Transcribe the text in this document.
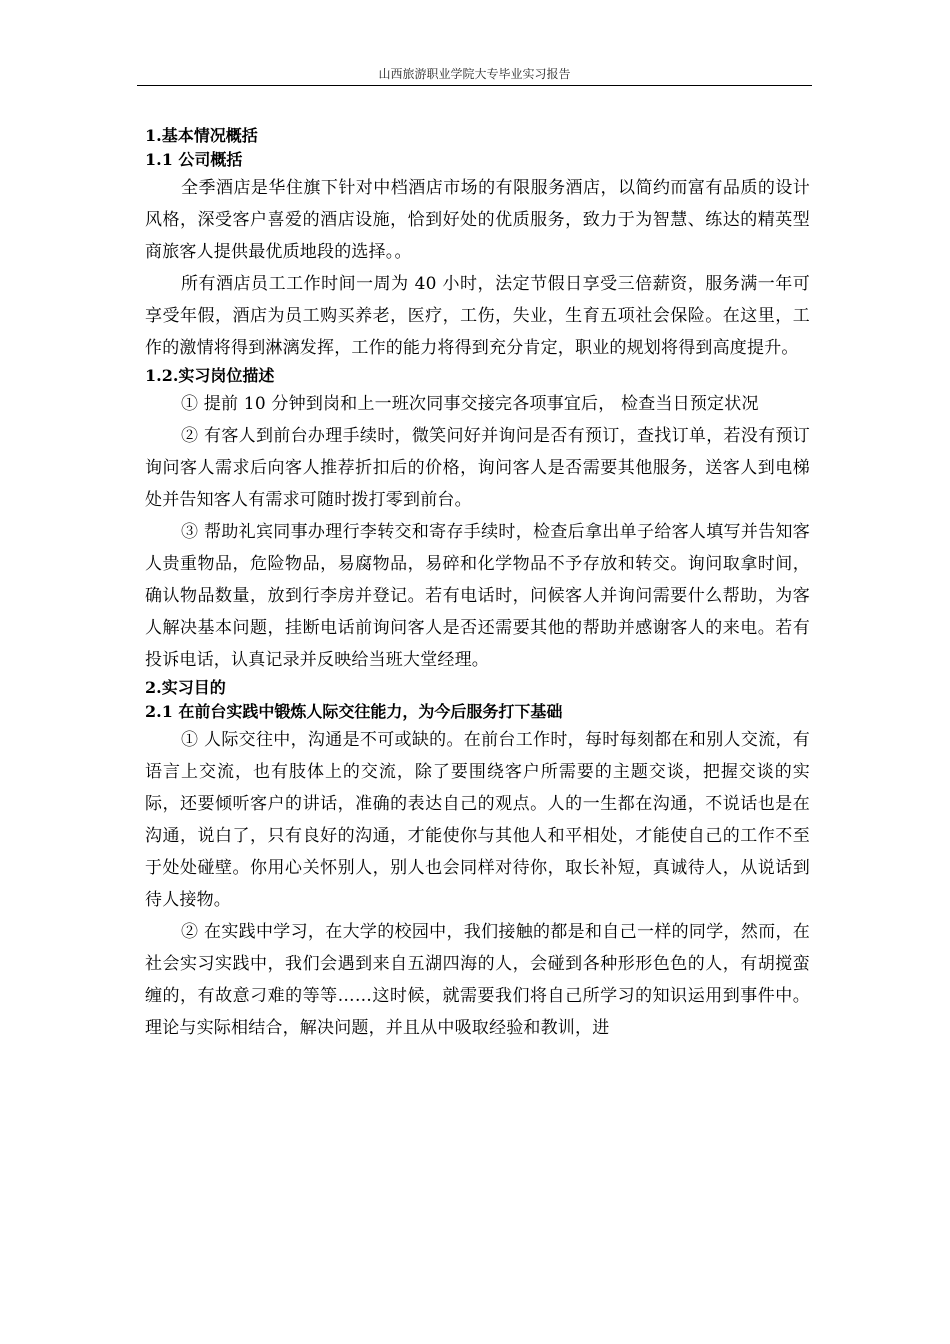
山西旅游职业学院大专毕业实习报告
1.基本情况概括
1.1 公司概括

全季酒店是华住旗下针对中档酒店市场的有限服务酒店，以简约而富有品质的设计风格，深受客户喜爱的酒店设施，恰到好处的优质服务，致力于为智慧、练达的精英型商旅客人提供最优质地段的选择。。

所有酒店员工工作时间一周为 40 小时，法定节假日享受三倍薪资，服务满一年可享受年假，酒店为员工购买养老，医疗，工伤，失业，生育五项社会保险。在这里，工作的激情将得到淋漓发挥，工作的能力将得到充分肯定，职业的规划将得到高度提升。

1.2.实习岗位描述

① 提前 10 分钟到岗和上一班次同事交接完各项事宜后， 检查当日预定状况

② 有客人到前台办理手续时，微笑问好并询问是否有预订，查找订单，若没有预订询问客人需求后向客人推荐折扣后的价格，询问客人是否需要其他服务，送客人到电梯处并告知客人有需求可随时拨打零到前台。

③ 帮助礼宾同事办理行李转交和寄存手续时，检查后拿出单子给客人填写并告知客人贵重物品，危险物品，易腐物品，易碎和化学物品不予存放和转交。询问取拿时间，确认物品数量，放到行李房并登记。若有电话时，问候客人并询问需要什么帮助，为客人解决基本问题，挂断电话前询问客人是否还需要其他的帮助并感谢客人的来电。若有投诉电话，认真记录并反映给当班大堂经理。

2.实习目的
2.1 在前台实践中锻炼人际交往能力，为今后服务打下基础

① 人际交往中，沟通是不可或缺的。在前台工作时，每时每刻都在和别人交流，有语言上交流，也有肢体上的交流，除了要围绕客户所需要的主题交谈，把握交谈的实际，还要倾听客户的讲话，准确的表达自己的观点。人的一生都在沟通，不说话也是在沟通，说白了，只有良好的沟通，才能使你与其他人和平相处，才能使自己的工作不至于处处碰壁。你用心关怀别人，别人也会同样对待你，取长补短，真诚待人，从说话到待人接物。

② 在实践中学习，在大学的校园中，我们接触的都是和自己一样的同学，然而，在社会实习实践中，我们会遇到来自五湖四海的人，会碰到各种形形色色的人，有胡搅蛮缠的，有故意刁难的等等……这时候，就需要我们将自己所学习的知识运用到事件中。理论与实际相结合，解决问题，并且从中吸取经验和教训，进
